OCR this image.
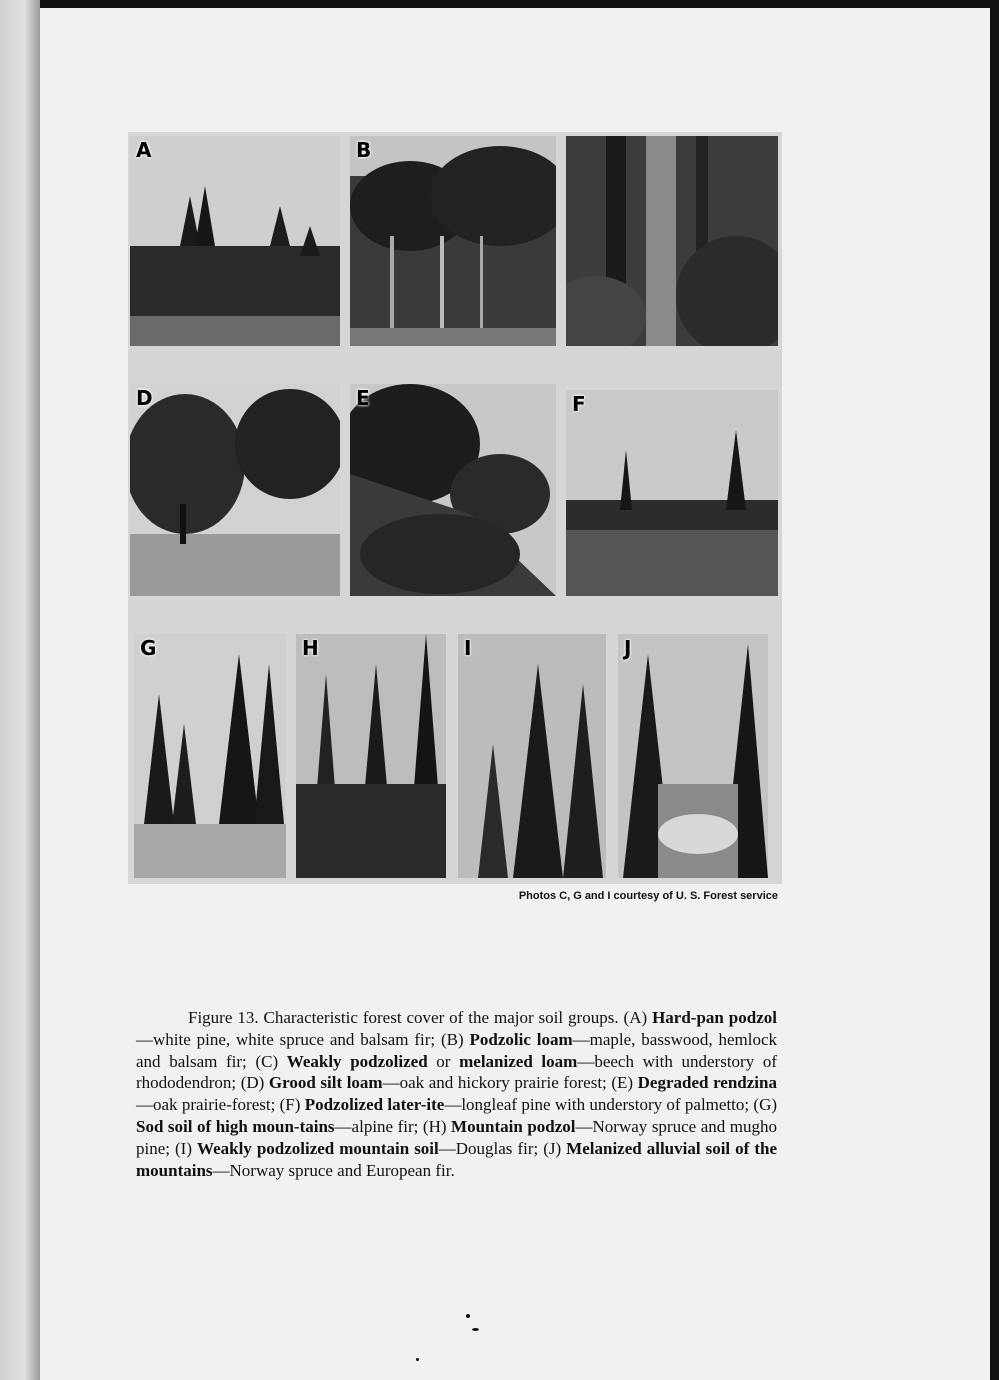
A	B
D	E	F
G	H	I	J
Photos C, G and I courtesy of U. S. Forest service

Figure 13. Characteristic forest cover of the major soil groups. (A) Hard-pan podzol—white pine, white spruce and balsam fir; (B) Podzolic loam—maple, basswood, hemlock and balsam fir; (C) Weakly podzolized or melanized loam—beech with understory of rhododendron; (D) Grood silt loam—oak and hickory prairie forest; (E) Degraded rendzina—oak prairie-forest; (F) Podzolized later-ite—longleaf pine with understory of palmetto; (G) Sod soil of high moun-tains—alpine fir; (H) Mountain podzol—Norway spruce and mugho pine; (I) Weakly podzolized mountain soil—Douglas fir; (J) Melanized alluvial soil of the mountains—Norway spruce and European fir.
